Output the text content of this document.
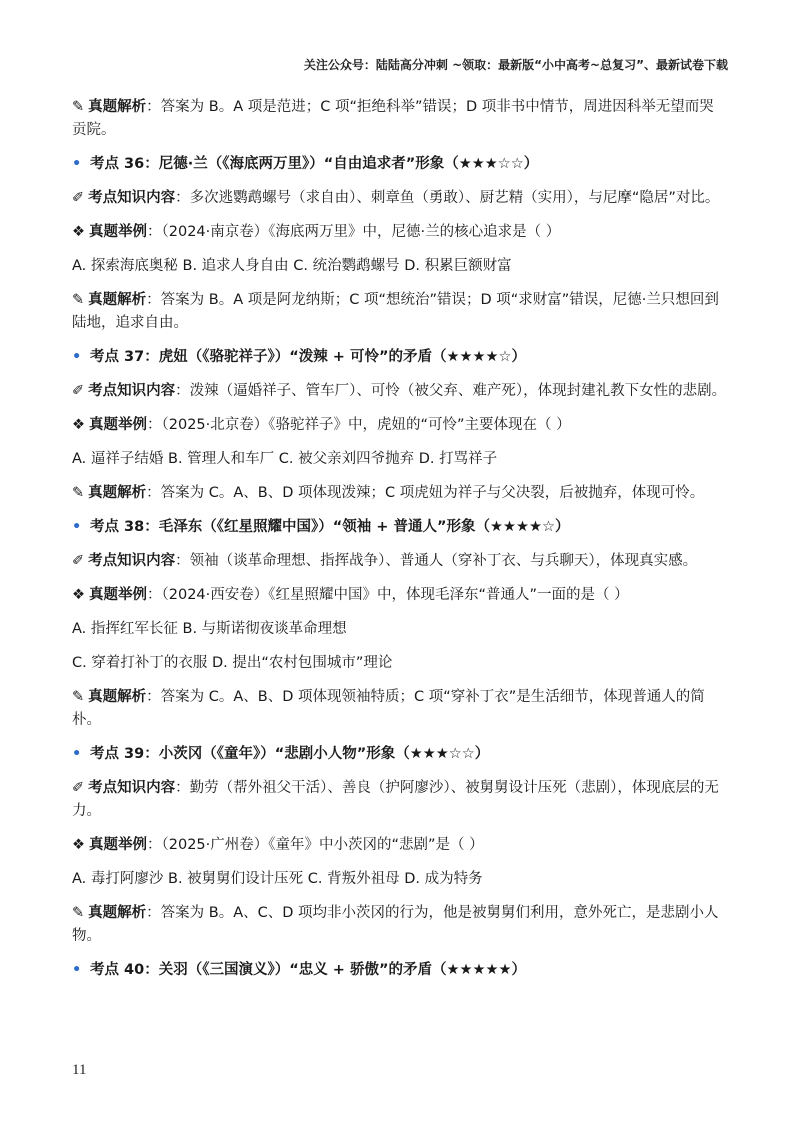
关注公众号：陆陆高分冲刺 ~领取：最新版“小中高考~总复习”、最新试卷下载

✎ 真题解析：答案为 B。A 项是范进；C 项“拒绝科举”错误；D 项非书中情节，周进因科举无望而哭贡院。

• 考点 36：尼德·兰（《海底两万里》）“自由追求者”形象（★★★☆☆）

✐ 考点知识内容：多次逃鹦鹉螺号（求自由）、刺章鱼（勇敢）、厨艺精（实用），与尼摩“隐居”对比。

❖ 真题举例：（2024·南京卷）《海底两万里》中，尼德·兰的核心追求是（ ）

A. 探索海底奥秘 B. 追求人身自由 C. 统治鹦鹉螺号 D. 积累巨额财富

✎ 真题解析：答案为 B。A 项是阿龙纳斯；C 项“想统治”错误；D 项“求财富”错误，尼德·兰只想回到陆地，追求自由。

• 考点 37：虎妞（《骆驼祥子》）“泼辣 + 可怜”的矛盾（★★★★☆）

✐ 考点知识内容：泼辣（逼婚祥子、管车厂）、可怜（被父弃、难产死），体现封建礼教下女性的悲剧。

❖ 真题举例：（2025·北京卷）《骆驼祥子》中，虎妞的“可怜”主要体现在（ ）

A. 逼祥子结婚 B. 管理人和车厂 C. 被父亲刘四爷抛弃 D. 打骂祥子

✎ 真题解析：答案为 C。A、B、D 项体现泼辣；C 项虎妞为祥子与父决裂，后被抛弃，体现可怜。

• 考点 38：毛泽东（《红星照耀中国》）“领袖 + 普通人”形象（★★★★☆）

✐ 考点知识内容：领袖（谈革命理想、指挥战争）、普通人（穿补丁衣、与兵聊天），体现真实感。

❖ 真题举例：（2024·西安卷）《红星照耀中国》中，体现毛泽东“普通人”一面的是（ ）

A. 指挥红军长征 B. 与斯诺彻夜谈革命理想

C. 穿着打补丁的衣服 D. 提出“农村包围城市”理论

✎ 真题解析：答案为 C。A、B、D 项体现领袖特质；C 项“穿补丁衣”是生活细节，体现普通人的简朴。

• 考点 39：小茨冈（《童年》）“悲剧小人物”形象（★★★☆☆）

✐ 考点知识内容：勤劳（帮外祖父干活）、善良（护阿廖沙）、被舅舅设计压死（悲剧），体现底层的无力。

❖ 真题举例：（2025·广州卷）《童年》中小茨冈的“悲剧”是（ ）

A. 毒打阿廖沙 B. 被舅舅们设计压死 C. 背叛外祖母 D. 成为特务

✎ 真题解析：答案为 B。A、C、D 项均非小茨冈的行为，他是被舅舅们利用，意外死亡，是悲剧小人物。

• 考点 40：关羽（《三国演义》）“忠义 + 骄傲”的矛盾（★★★★★）

11
